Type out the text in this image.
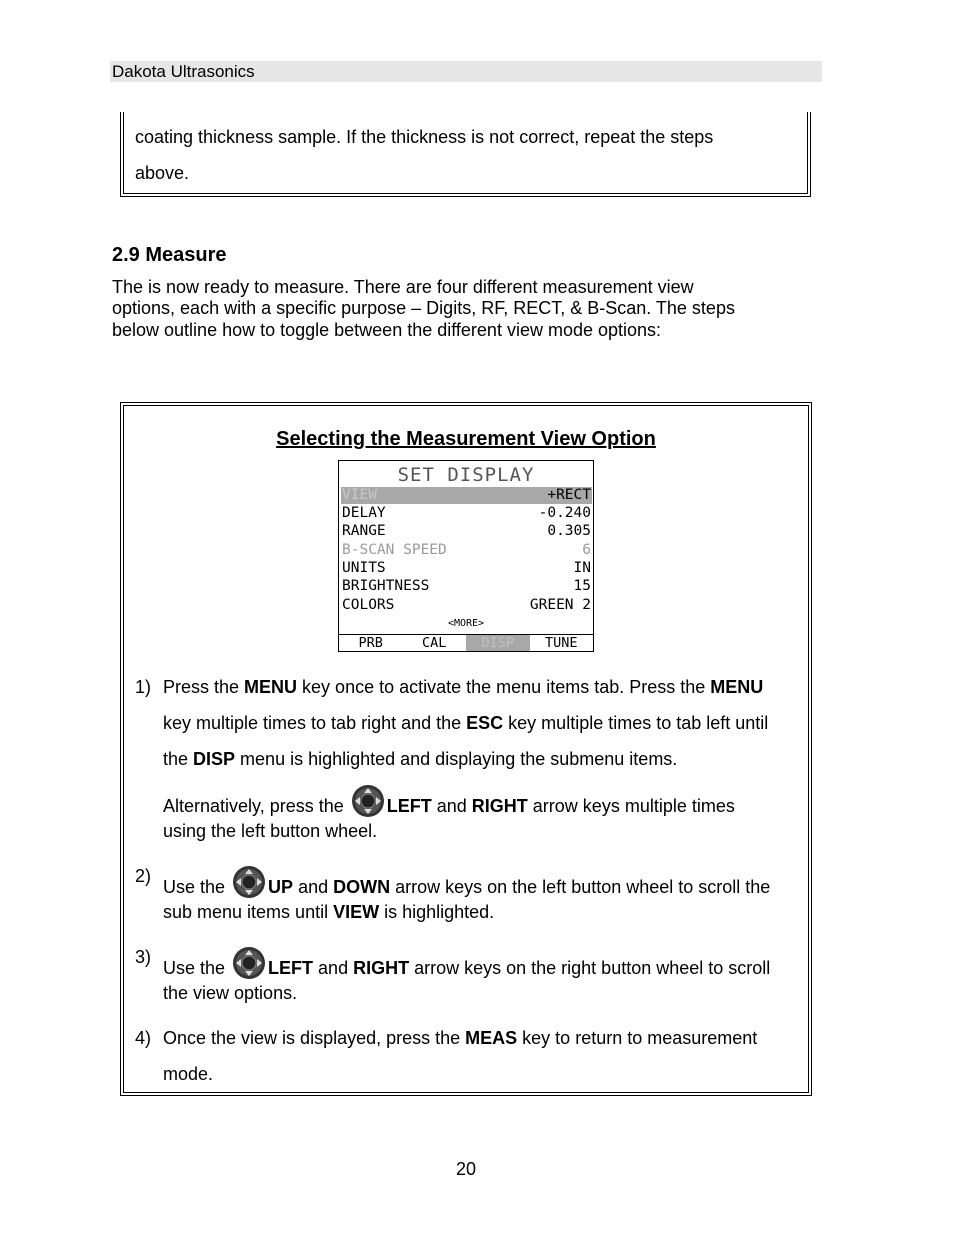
Dakota Ultrasonics
coating thickness sample. If the thickness is not correct, repeat the steps
above.
2.9 Measure
The is now ready to measure. There are four different measurement view
options, each with a specific purpose – Digits, RF, RECT, & B-Scan. The steps
below outline how to toggle between the different view mode options:
Selecting the Measurement View Option
SET DISPLAY
VIEW	+RECT
DELAY	-0.240
RANGE	0.305
B-SCAN SPEED	6
UNITS	IN
BRIGHTNESS	15
COLORS	GREEN 2
<MORE>
PRB	CAL	DISP	TUNE
1) Press the MENU key once to activate the menu items tab. Press the MENU
key multiple times to tab right and the ESC key multiple times to tab left until
the DISP menu is highlighted and displaying the submenu items.
Alternatively, press the LEFT and RIGHT arrow keys multiple times
using the left button wheel.
2)
Use the UP and DOWN arrow keys on the left button wheel to scroll the
sub menu items until VIEW is highlighted.
3)
Use the LEFT and RIGHT arrow keys on the right button wheel to scroll
the view options.
4) Once the view is displayed, press the MEAS key to return to measurement
mode.
20
